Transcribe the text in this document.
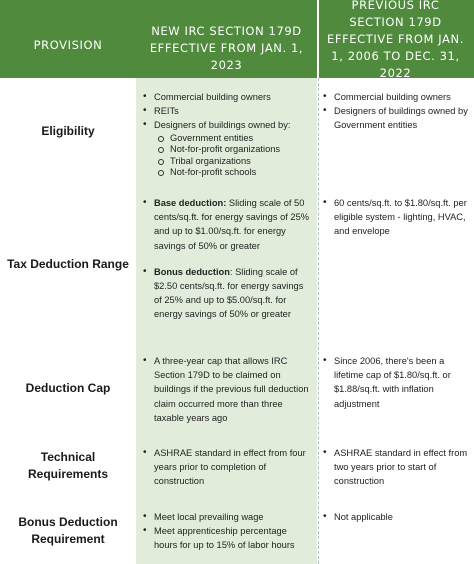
PROVISION
NEW IRC SECTION 179D EFFECTIVE FROM JAN. 1, 2023
PREVIOUS IRC SECTION 179D EFFECTIVE FROM JAN. 1, 2006 TO DEC. 31, 2022
Eligibility
• Commercial building owners
• REITs
• Designers of buildings owned by:
Government entities
Not-for-profit organizations
Tribal organizations
Not-for-profit schools
• Commercial building owners
• Designers of buildings owned by Government entities
Tax Deduction Range
• Base deduction: Sliding scale of 50 cents/sq.ft. for energy savings of 25% and up to $1.00/sq.ft. for energy savings of 50% or greater
• Bonus deduction: Sliding scale of $2.50 cents/sq.ft. for energy savings of 25% and up to $5.00/sq.ft. for energy savings of 50% or greater
• 60 cents/sq.ft. to $1.80/sq.ft. per eligible system - lighting, HVAC, and envelope
Deduction Cap
• A three-year cap that allows IRC Section 179D to be claimed on buildings if the previous full deduction claim occurred more than three taxable years ago
• Since 2006, there's been a lifetime cap of $1.80/sq.ft. or $1.88/sq.ft. with inflation adjustment
Technical Requirements
• ASHRAE standard in effect from four years prior to completion of construction
• ASHRAE standard in effect from two years prior to start of construction
Bonus Deduction Requirement
• Meet local prevailing wage
• Meet apprenticeship percentage hours for up to 15% of labor hours
• Not applicable
